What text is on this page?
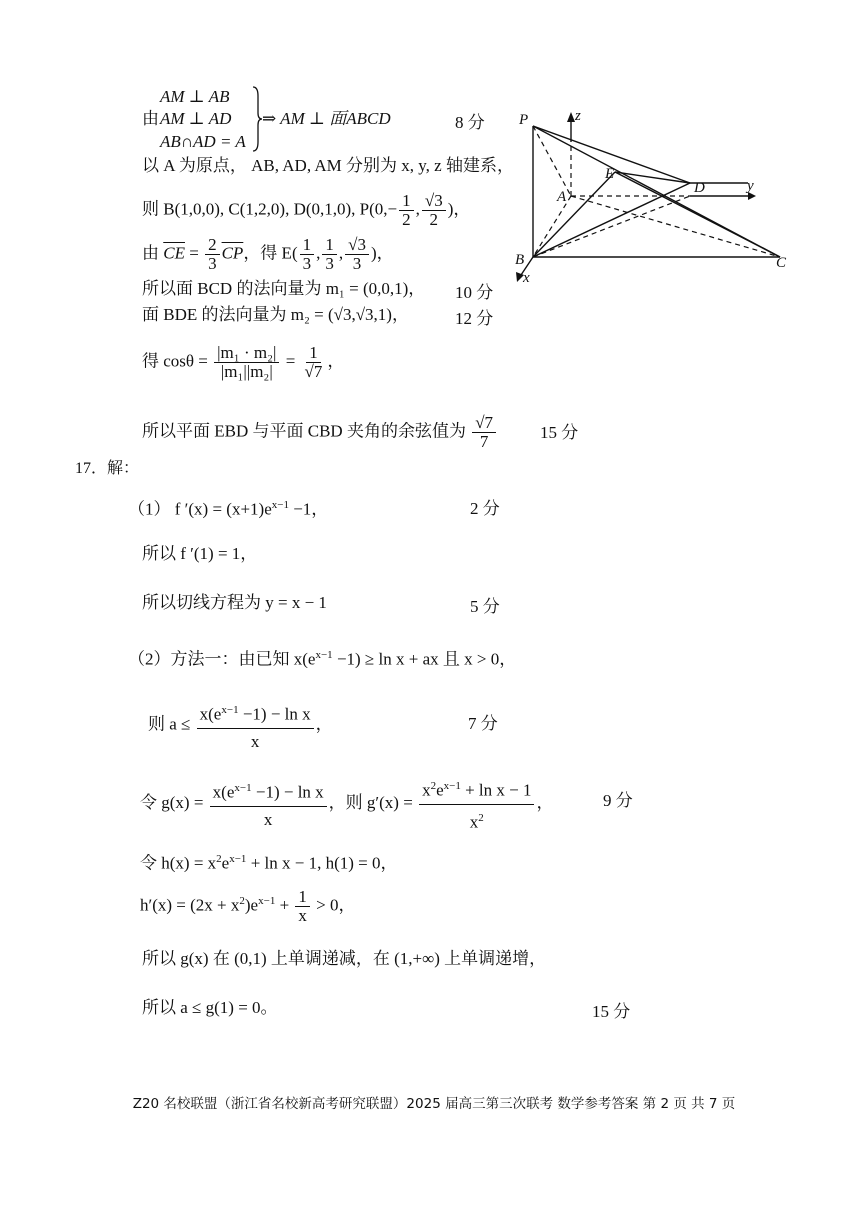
AM ⊥ AB
由 AM ⊥ AD
AB∩AD = A
⇒ AM ⊥ 面ABCD	8 分
以 A 为原点， AB, AD, AM 分别为 x, y, z 轴建系，
则 B(1,0,0), C(1,2,0), D(0,1,0), $P(0,- \frac{1}{2}$ , $\frac{√3}{2}$ )，
由 $\overline{CE} = \frac{2}{3} \overline{CP}$，得 $E( \frac{1}{3}$ , $\frac{1}{3}$ , $\frac{√3}{3}$ )，
所以面 BCD 的法向量为 m₁ = (0,0,1)， 10 分
面 BDE 的法向量为 m₂ = (√3,√3,1)，	12 分
得 $\cos\theta = \frac{\text{|m₁ · m₂|}}{\text{|m₁||m₂|}} = \frac{1}{√7}$ ，
所以平面 EBD 与平面 CBD 夹角的余弦值为 $\frac{√7}{7}$	15 分
P	z
E
A
D	y
B	C
x
17．解：
（1） f $'(x) = (x+1)e^{x-1} -1$，	2 分
所以 f ′(1) = 1，
所以切线方程为 y = x − 1	5 分
（2）方法一：由已知 $x(e^{x-1} -1) \ge \ln x$ + ax 且 x > 0，
则 $a \le \frac{x(e^{x-1} -1) - \ln x}{x}$ ，	7 分
令 $g(x) = \frac{x(e^{x-1} -1) - \ln x}{x}$ ，则 $g'(x) = \frac{x^2e^{x-1} + \ln x - 1}{x^2}$ ，	9 分
令 $h(x) = x^2e^{x-1} + \ln x - 1$, h(1) = 0，
$h'(x) = (2x + x^2)e^{x-1} + \frac{1}{x} > 0$，
所以 g(x) 在 (0,1) 上单调递减，在 (1,+∞) 上单调递增，
所以 a ≤ g(1) = 0。	15 分
Z20 名校联盟（浙江省名校新高考研究联盟）2025 届高三第三次联考 数学参考答案 第 2 页 共 7 页
